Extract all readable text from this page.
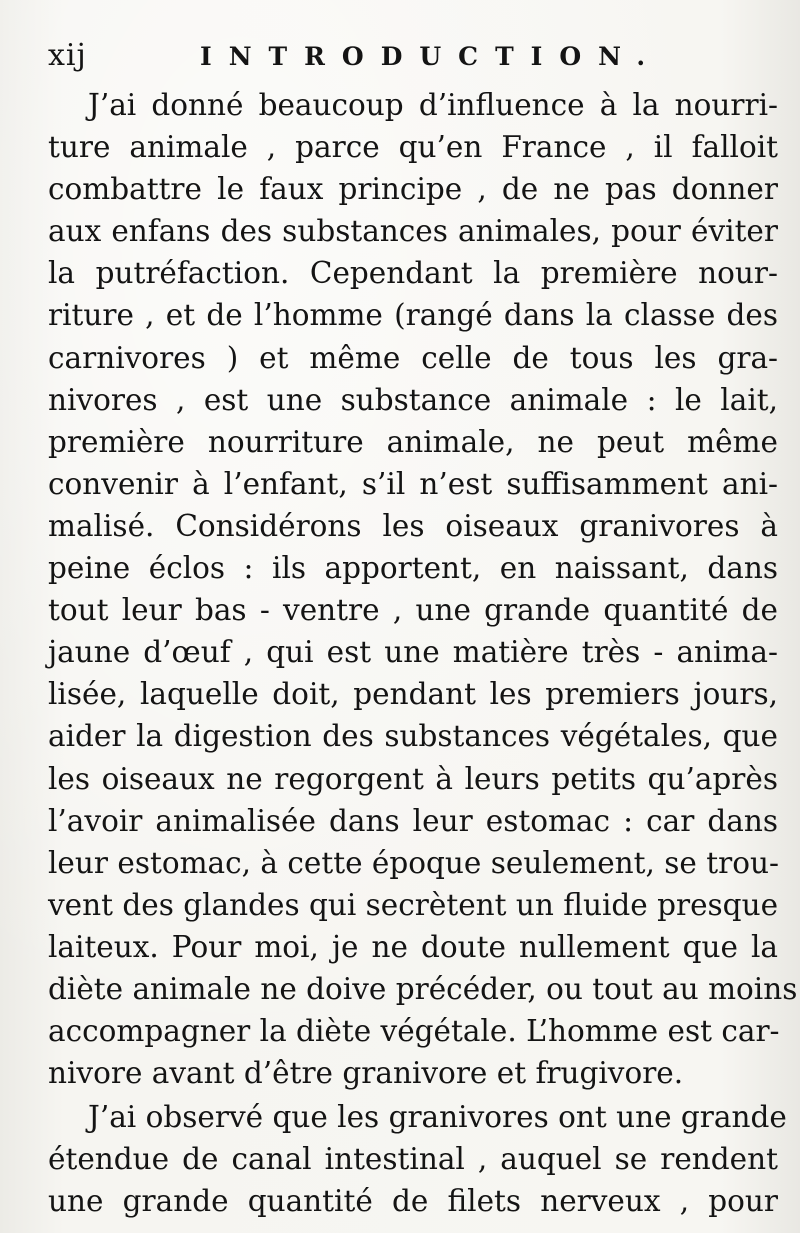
xij	INTRODUCTION.
J’ai donné beaucoup d’influence à la nourri-
ture animale , parce qu’en France , il falloit
combattre le faux principe , de ne pas donner
aux enfans des substances animales, pour éviter
la putréfaction. Cependant la première nour-
riture , et de l’homme (rangé dans la classe des
carnivores ) et même celle de tous les gra-
nivores , est une substance animale : le lait,
première nourriture animale, ne peut même
convenir à l’enfant, s’il n’est suffisamment ani-
malisé. Considérons les oiseaux granivores à
peine éclos : ils apportent, en naissant, dans
tout leur bas - ventre , une grande quantité de
jaune d’œuf , qui est une matière très - anima-
lisée, laquelle doit, pendant les premiers jours,
aider la digestion des substances végétales, que
les oiseaux ne regorgent à leurs petits qu’après
l’avoir animalisée dans leur estomac : car dans
leur estomac, à cette époque seulement, se trou-
vent des glandes qui secrètent un fluide presque
laiteux. Pour moi, je ne doute nullement que la
diète animale ne doive précéder, ou tout au moins
accompagner la diète végétale. L’homme est car-
nivore avant d’être granivore et frugivore.
J’ai observé que les granivores ont une grande
étendue de canal intestinal , auquel se rendent
une grande quantité de filets nerveux , pour
